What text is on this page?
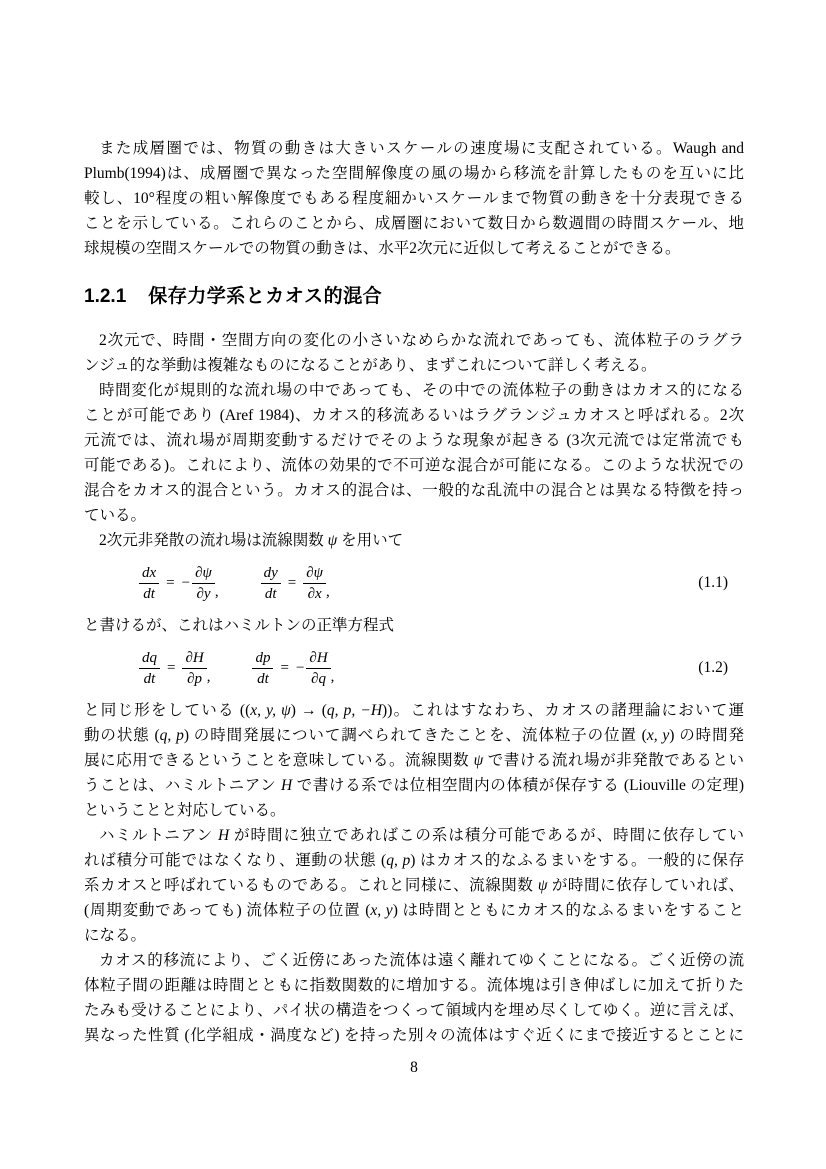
また成層圏では、物質の動きは大きいスケールの速度場に支配されている。Waugh and
Plumb(1994)は、成層圏で異なった空間解像度の風の場から移流を計算したものを互いに比
較し、10°程度の粗い解像度でもある程度細かいスケールまで物質の動きを十分表現できる
ことを示している。これらのことから、成層圏において数日から数週間の時間スケール、地
球規模の空間スケールでの物質の動きは、水平2次元に近似して考えることができる。
1.2.1 保存力学系とカオス的混合
2次元で、時間・空間方向の変化の小さいなめらかな流れであっても、流体粒子のラグラ
ンジュ的な挙動は複雑なものになることがあり、まずこれについて詳しく考える。
時間変化が規則的な流れ場の中であっても、その中での流体粒子の動きはカオス的になる
ことが可能であり (Aref 1984)、カオス的移流あるいはラグランジュカオスと呼ばれる。2次
元流では、流れ場が周期変動するだけでそのような現象が起きる (3次元流では定常流でも
可能である)。これにより、流体の効果的で不可逆な混合が可能になる。このような状況での
混合をカオス的混合という。カオス的混合は、一般的な乱流中の混合とは異なる特徴を持っ
ている。
2次元非発散の流れ場は流線関数 ψ を用いて
$\frac{dx}{dt}$ = − $\frac{\partial\psi}{\partial y}$ ,	$\frac{dy}{dt} = \frac{\partial\psi}{\partial x}$ ,
(1.1)
と書けるが、これはハミルトンの正準方程式
$\frac{dq}{dt} = \frac{\partial H}{\partial p}$ ,	$\frac{dp}{dt}$ = − $\frac{\partial H}{\partial q}$ ,
(1.2)
と同じ形をしている ((x, y, ψ) → (q, p, −H))。これはすなわち、カオスの諸理論において運
動の状態 (q, p) の時間発展について調べられてきたことを、流体粒子の位置 (x, y) の時間発
展に応用できるということを意味している。流線関数 ψ で書ける流れ場が非発散であるとい
うことは、ハミルトニアン H で書ける系では位相空間内の体積が保存する (Liouville の定理)
ということと対応している。
ハミルトニアン H が時間に独立であればこの系は積分可能であるが、時間に依存してい
れば積分可能ではなくなり、運動の状態 (q, p) はカオス的なふるまいをする。一般的に保存
系カオスと呼ばれているものである。これと同様に、流線関数 ψ が時間に依存していれば、
(周期変動であっても) 流体粒子の位置 (x, y) は時間とともにカオス的なふるまいをすること
になる。
カオス的移流により、ごく近傍にあった流体は遠く離れてゆくことになる。ごく近傍の流
体粒子間の距離は時間とともに指数関数的に増加する。流体塊は引き伸ばしに加えて折りた
たみも受けることにより、パイ状の構造をつくって領域内を埋め尽くしてゆく。逆に言えば、
異なった性質 (化学組成・渦度など) を持った別々の流体はすぐ近くにまで接近するとことに
8
